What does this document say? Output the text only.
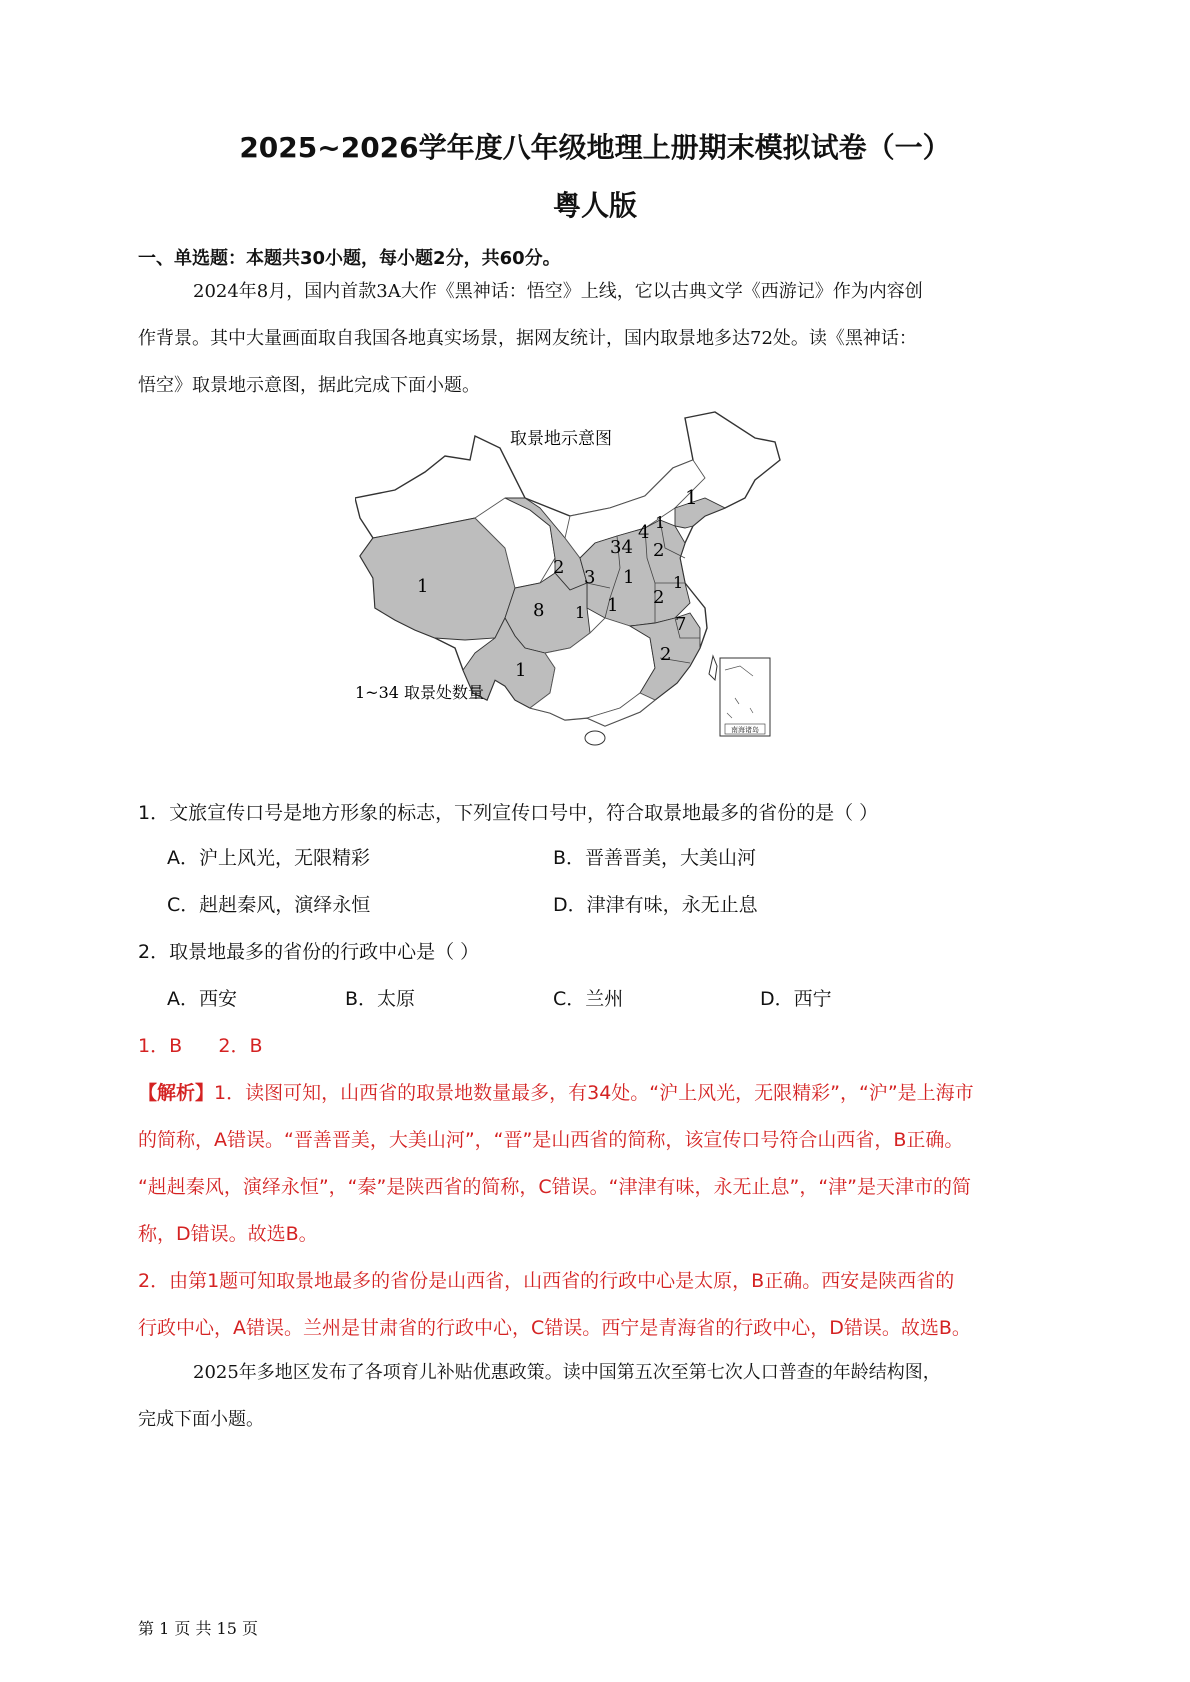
2025~2026学年度八年级地理上册期末模拟试卷（一）
粤人版
一、单选题：本题共30小题，每小题2分，共60分。
2024年8月，国内首款3A大作《黑神话：悟空》上线，它以古典文学《西游记》作为内容创
作背景。其中大量画面取自我国各地真实场景，据网友统计，国内取景地多达72处。读《黑神话：
悟空》取景地示意图，据此完成下面小题。
南海诸岛
1
1
4
34 2
2 3 1 1
2
1
8 1 1
7
2
1
取景地示意图
1~34 取景处数量
1．文旅宣传口号是地方形象的标志，下列宣传口号中，符合取景地最多的省份的是（ ）
A．沪上风光，无限精彩	B．晋善晋美，大美山河
C．赳赳秦风，演绎永恒	D．津津有味，永无止息
2．取景地最多的省份的行政中心是（ ）
A．西安	B．太原	C．兰州	D．西宁
1．B      2．B
【解析】1．读图可知，山西省的取景地数量最多，有34处。“沪上风光，无限精彩”，“沪”是上海市
的简称，A错误。“晋善晋美，大美山河”，“晋”是山西省的简称，该宣传口号符合山西省，B正确。
“赳赳秦风，演绎永恒”，“秦”是陕西省的简称，C错误。“津津有味，永无止息”，“津”是天津市的简
称，D错误。故选B。
2．由第1题可知取景地最多的省份是山西省，山西省的行政中心是太原，B正确。西安是陕西省的
行政中心，A错误。兰州是甘肃省的行政中心，C错误。西宁是青海省的行政中心，D错误。故选B。
2025年多地区发布了各项育儿补贴优惠政策。读中国第五次至第七次人口普查的年龄结构图，
完成下面小题。
第 1 页 共 15 页
